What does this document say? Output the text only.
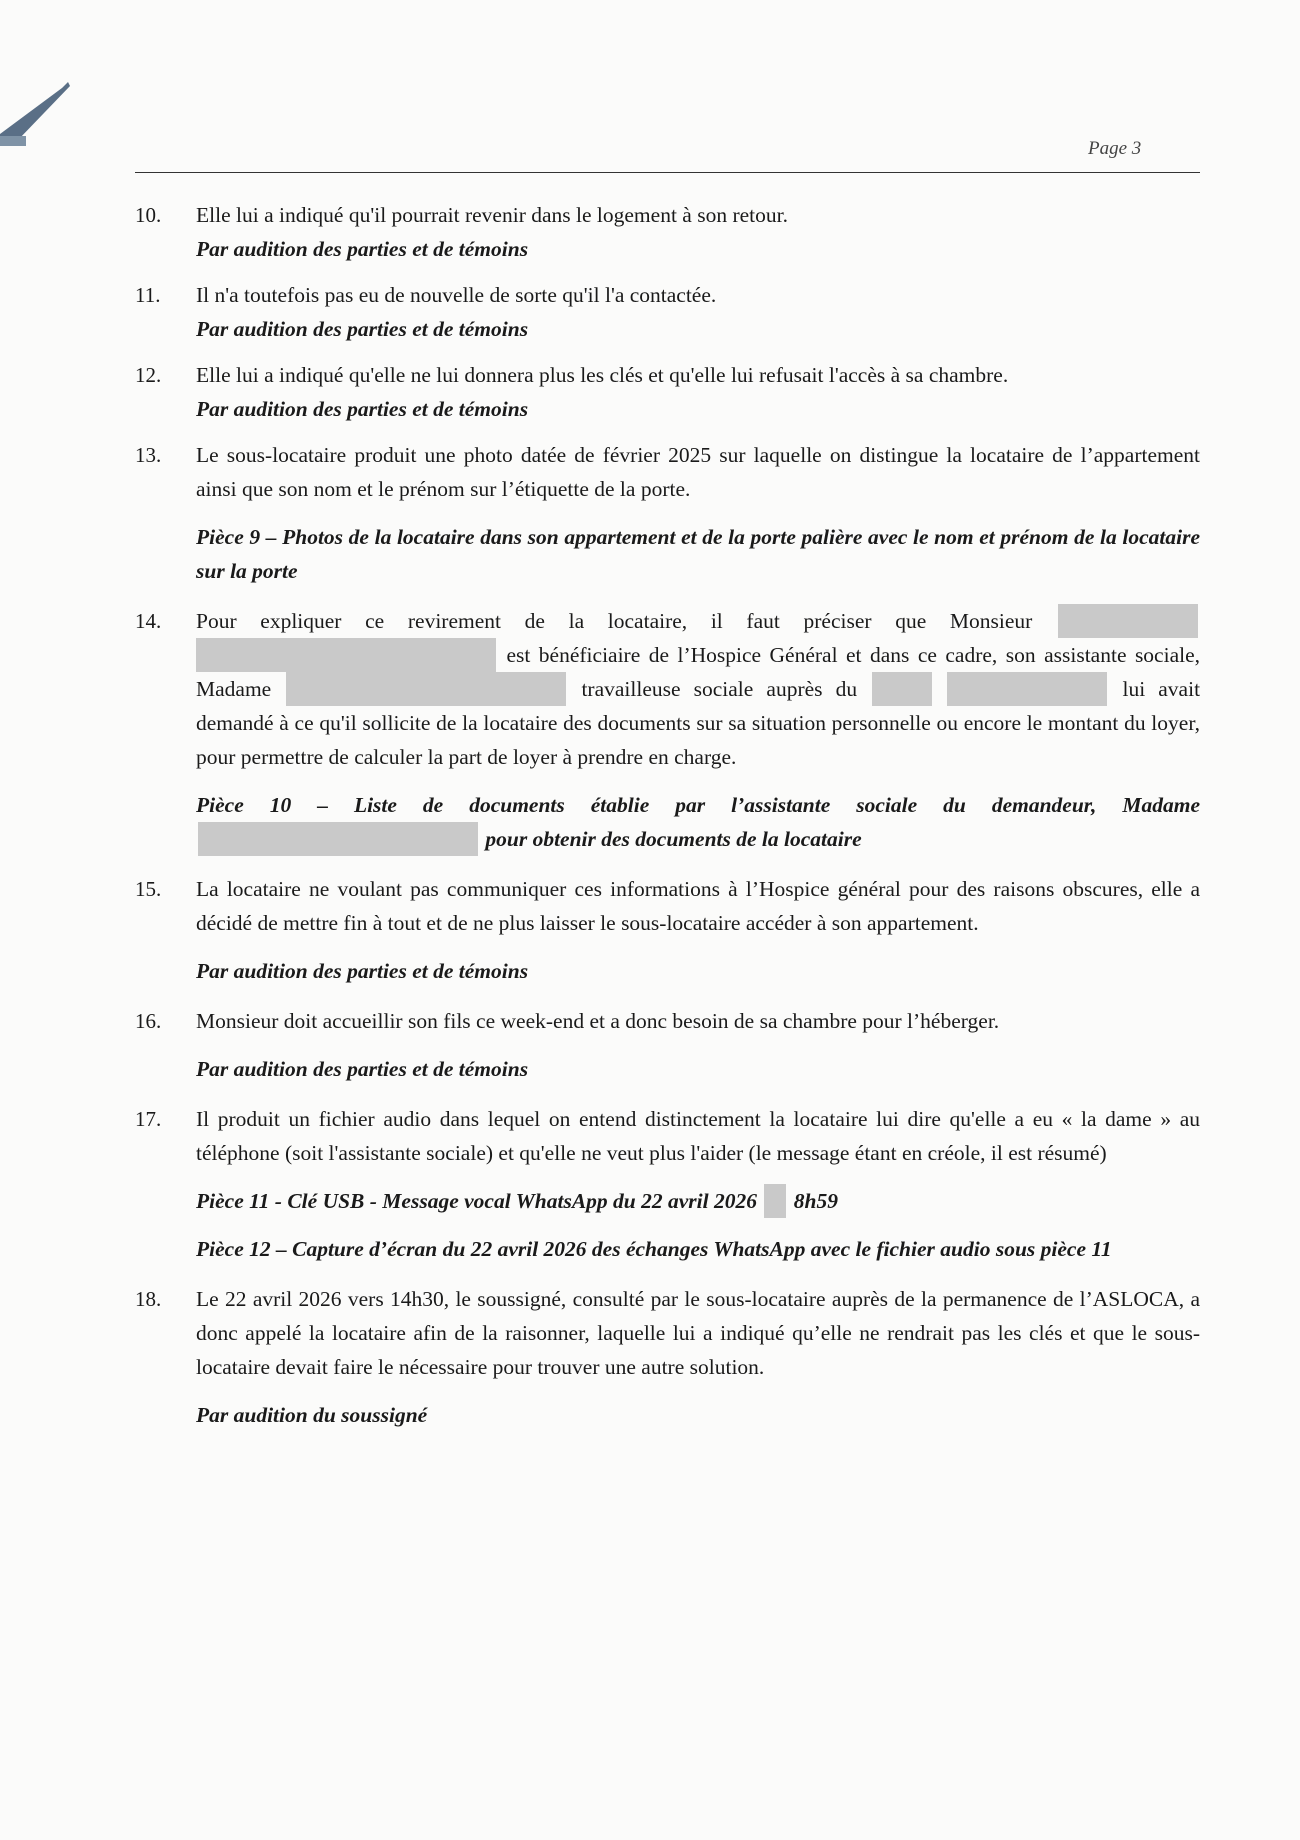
Page 3
10.	Elle lui a indiqué qu'il pourrait revenir dans le logement à son retour.
Par audition des parties et de témoins
11.	Il n'a toutefois pas eu de nouvelle de sorte qu'il l'a contactée.
Par audition des parties et de témoins
12.	Elle lui a indiqué qu'elle ne lui donnera plus les clés et qu'elle lui refusait l'accès à sa chambre.
Par audition des parties et de témoins
13.	Le sous-locataire produit une photo datée de février 2025 sur laquelle on distingue la locataire de l’appartement ainsi que son nom et le prénom sur l’étiquette de la porte.
Pièce 9 – Photos de la locataire dans son appartement et de la porte palière avec le nom et prénom de la locataire sur la porte
14.	Pour expliquer ce revirement de la locataire, il faut préciser que Monsieur   est bénéficiaire de l’Hospice Général et dans ce cadre, son assistante sociale, Madame	travailleuse sociale auprès du	lui avait demandé à ce qu'il sollicite de la locataire des documents sur sa situation personnelle ou encore le montant du loyer, pour permettre de calculer la part de loyer à prendre en charge.
Pièce 10 – Liste de documents établie par l’assistante sociale du demandeur, Madame  pour obtenir des documents de la locataire
15.	La locataire ne voulant pas communiquer ces informations à l’Hospice général pour des raisons obscures, elle a décidé de mettre fin à tout et de ne plus laisser le sous-locataire accéder à son appartement.
Par audition des parties et de témoins
16.	Monsieur doit accueillir son fils ce week-end et a donc besoin de sa chambre pour l’héberger.
Par audition des parties et de témoins
17.	Il produit un fichier audio dans lequel on entend distinctement la locataire lui dire qu'elle a eu « la dame » au téléphone (soit l'assistante sociale) et qu'elle ne veut plus l'aider (le message étant en créole, il est résumé)
Pièce 11 - Clé USB - Message vocal WhatsApp du 22 avril 2026 8h59
Pièce 12 – Capture d’écran du 22 avril 2026 des échanges WhatsApp avec le fichier audio sous pièce 11
18.	Le 22 avril 2026 vers 14h30, le soussigné, consulté par le sous-locataire auprès de la permanence de l’ASLOCA, a donc appelé la locataire afin de la raisonner, laquelle lui a indiqué qu’elle ne rendrait pas les clés et que le sous-locataire devait faire le nécessaire pour trouver une autre solution.
Par audition du soussigné
